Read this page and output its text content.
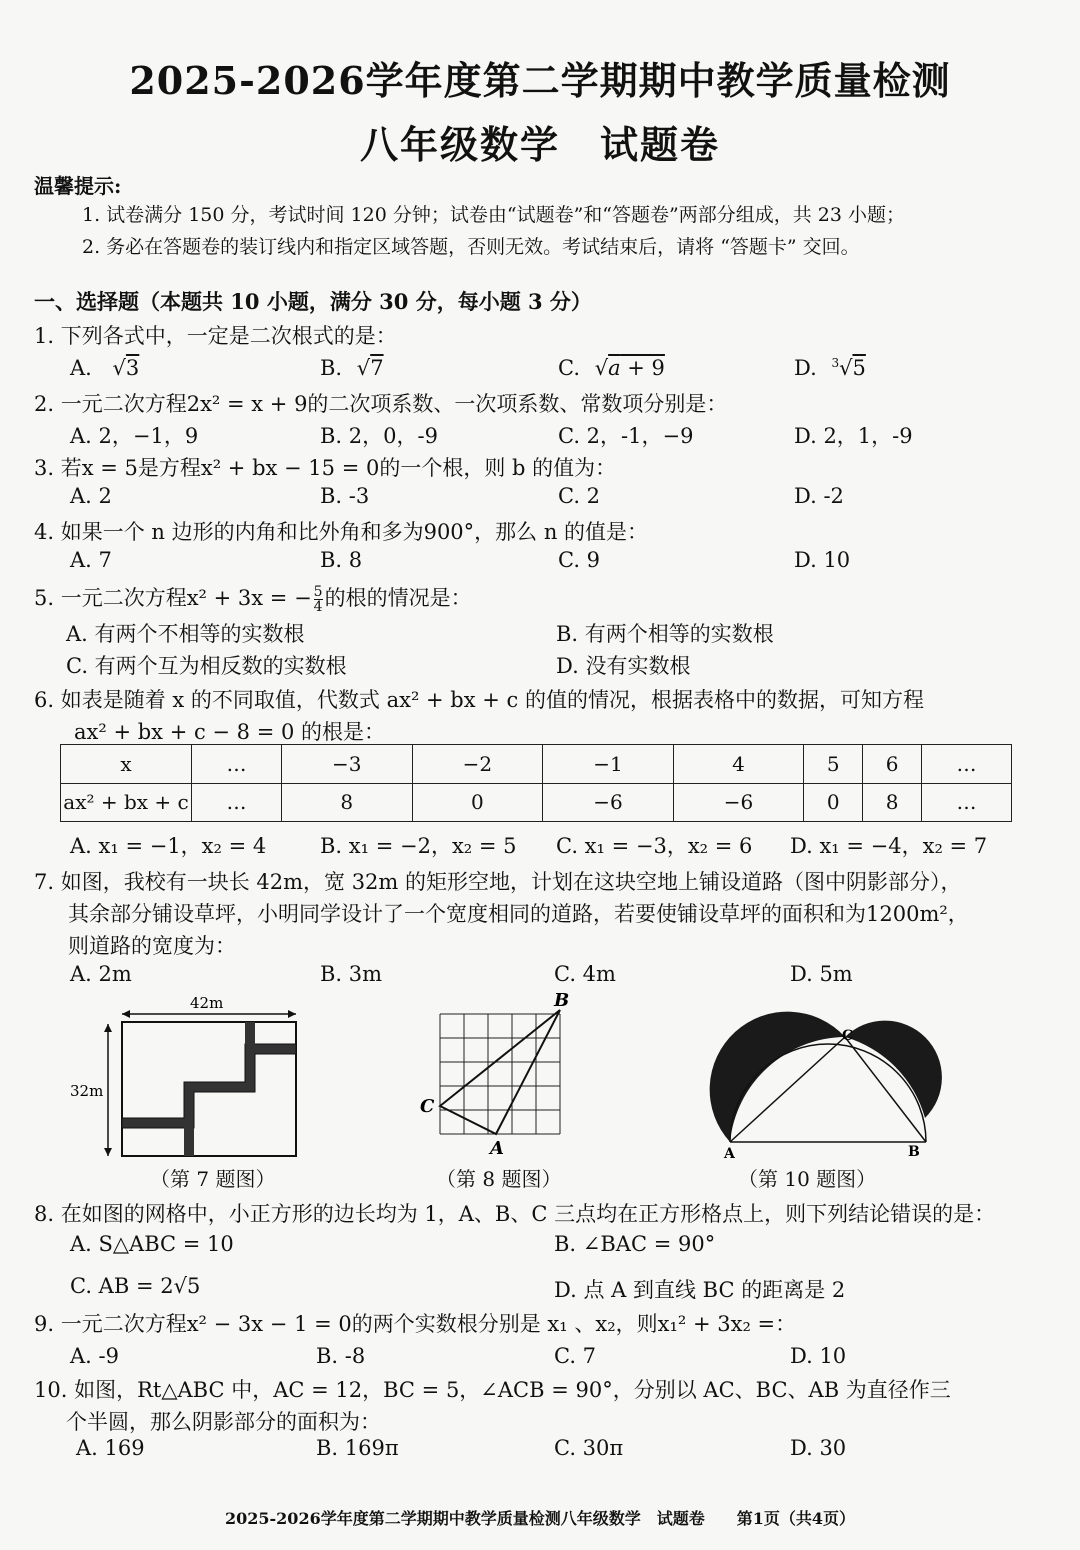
2025-2026学年度第二学期期中教学质量检测
八年级数学　试题卷
温馨提示:
1. 试卷满分 150 分，考试时间 120 分钟；试卷由“试题卷”和“答题卷”两部分组成，共 23 小题；
2. 务必在答题卷的装订线内和指定区域答题，否则无效。考试结束后，请将 “答题卡” 交回。
一、选择题（本题共 10 小题，满分 30 分，每小题 3 分）
1. 下列各式中，一定是二次根式的是：
A. √3	B. √7	C. √a + 9	D. $^3$√5
2. 一元二次方程2x² = x + 9的二次项系数、一次项系数、常数项分别是：
A. 2，−1，9	B. 2，0，-9	C. 2，-1，−9	D. 2，1，-9
3. 若x = 5是方程x² + bx − 15 = 0的一个根，则 b 的值为：
A. 2	B. -3	C. 2	D. -2
4. 如果一个 n 边形的内角和比外角和多为900°，那么 n 的值是：
A. 7	B. 8	C. 9	D. 10
5. 一元二次方程x² + 3x = − $\frac{5}{4}$ 的根的情况是：
A. 有两个不相等的实数根	B. 有两个相等的实数根
C. 有两个互为相反数的实数根	D. 没有实数根
6. 如表是随着 x 的不同取值，代数式 ax² + bx + c 的值的情况，根据表格中的数据，可知方程
ax² + bx + c − 8 = 0 的根是：
x	…	−3	−2	−1	4	5	6	…
ax² + bx + c	…	8	0	−6	−6	0	8	…
A. x₁ = −1，x₂ = 4	B. x₁ = −2，x₂ = 5 C. x₁ = −3，x₂ = 6 D. x₁ = −4，x₂ = 7
7. 如图，我校有一块长 42m，宽 32m 的矩形空地，计划在这块空地上铺设道路（图中阴影部分），
其余部分铺设草坪，小明同学设计了一个宽度相同的道路，若要使铺设草坪的面积和为1200m²，
则道路的宽度为：
A. 2m	B. 3m	C. 4m	D. 5m
42m
32m
（第 7 题图）
B
C
A
（第 8 题图）
A	B
C
（第 10 题图）
8. 在如图的网格中，小正方形的边长均为 1，A、B、C 三点均在正方形格点上，则下列结论错误的是：
A. S△ABC = 10	B. ∠BAC = 90°
C. AB = 2√5	D. 点 A 到直线 BC 的距离是 2
9. 一元二次方程x² − 3x − 1 = 0的两个实数根分别是 x₁ 、x₂，则x₁² + 3x₂ =：
A. -9	B. -8	C. 7	D. 10
10. 如图，Rt△ABC 中，AC = 12，BC = 5，∠ACB = 90°，分别以 AC、BC、AB 为直径作三
个半圆，那么阴影部分的面积为：
A. 169	B. 169π	C. 30π	D. 30
2025-2026学年度第二学期期中教学质量检测八年级数学　试题卷　　第1页（共4页）
